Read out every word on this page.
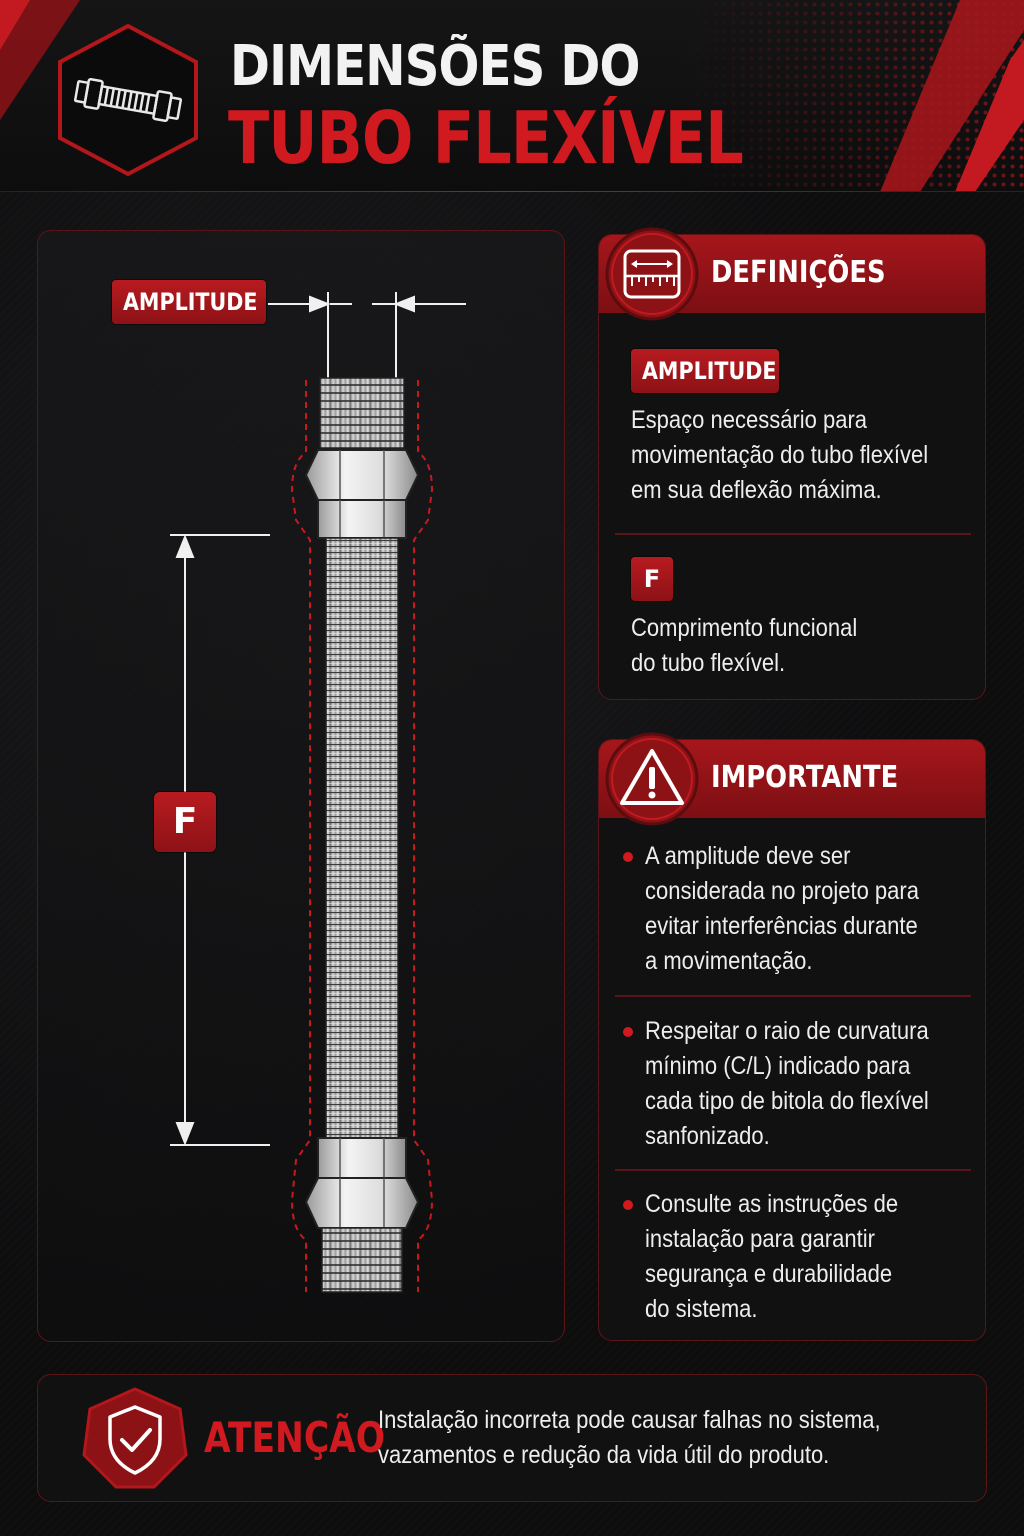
DIMENSÕES DO
TUBO FLEXÍVEL
AMPLITUDE
F
DEFINIÇÕES
AMPLITUDE
Espaço necessário para
movimentação do tubo flexível
em sua deflexão máxima.
F
Comprimento funcional
do tubo flexível.
IMPORTANTE
A amplitude deve ser
considerada no projeto para
evitar interferências durante
a movimentação.
Respeitar o raio de curvatura
mínimo (C/L) indicado para
cada tipo de bitola do flexível
sanfonizado.
Consulte as instruções de
instalação para garantir
segurança e durabilidade
do sistema.
ATENÇÃO
Instalação incorreta pode causar falhas no sistema,
vazamentos e redução da vida útil do produto.
